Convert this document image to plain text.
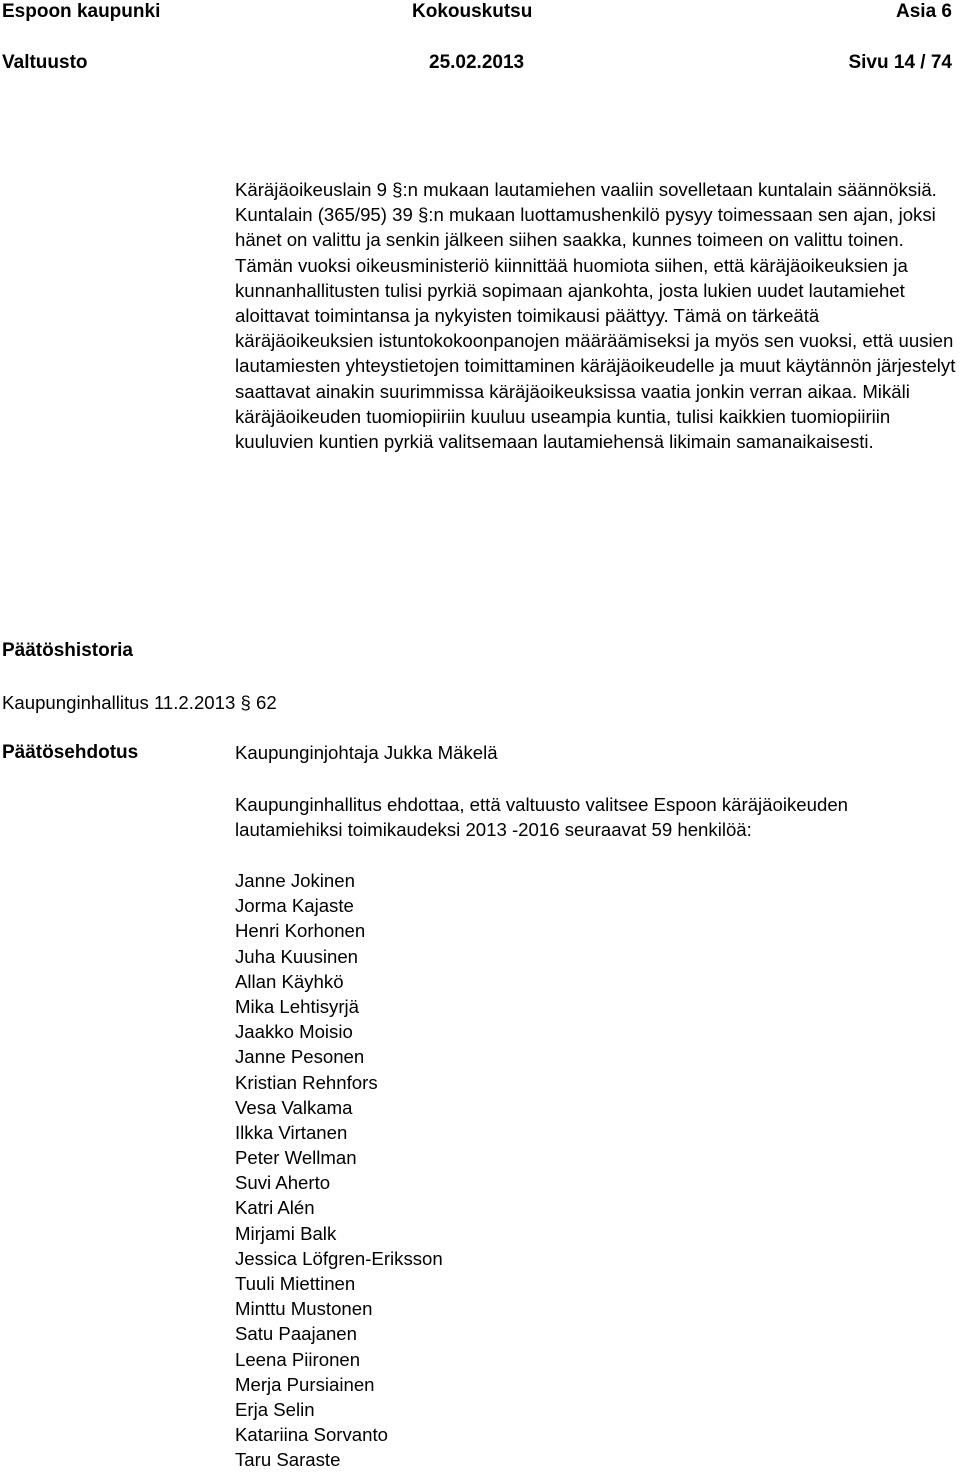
Espoon kaupunki	Kokouskutsu	Asia 6
Valtuusto	25.02.2013	Sivu 14 / 74

Käräjäoikeuslain 9 §:n mukaan lautamiehen vaaliin sovelletaan kuntalain säännöksiä. Kuntalain (365/95) 39 §:n mukaan luottamushenkilö pysyy toimessaan sen ajan, joksi hänet on valittu ja senkin jälkeen siihen saakka, kunnes toimeen on valittu toinen. Tämän vuoksi oikeusministeriö kiinnittää huomiota siihen, että käräjäoikeuksien ja kunnanhallitusten tulisi pyrkiä sopimaan ajankohta, josta lukien uudet lautamiehet aloittavat toimintansa ja nykyisten toimikausi päättyy. Tämä on tärkeätä käräjäoikeuksien istuntokokoonpanojen määräämiseksi ja myös sen vuoksi, että uusien lautamiesten yhteystietojen toimittaminen käräjäoikeudelle ja muut käytännön järjestelyt saattavat ainakin suurimmissa käräjäoikeuksissa vaatia jonkin verran aikaa. Mikäli käräjäoikeuden tuomiopiiriin kuuluu useampia kuntia, tulisi kaikkien tuomiopiiriin kuuluvien kuntien pyrkiä valitsemaan lautamiehensä likimain samanaikaisesti.

Päätöshistoria
Kaupunginhallitus 11.2.2013 § 62
Päätösehdotus	Kaupunginjohtaja Jukka Mäkelä

Kaupunginhallitus ehdottaa, että valtuusto valitsee Espoon käräjäoikeuden lautamiehiksi toimikaudeksi 2013 -2016 seuraavat 59 henkilöä:

Janne Jokinen
Jorma Kajaste
Henri Korhonen
Juha Kuusinen
Allan Käyhkö
Mika Lehtisyrjä
Jaakko Moisio
Janne Pesonen
Kristian Rehnfors
Vesa Valkama
Ilkka Virtanen
Peter Wellman
Suvi Aherto
Katri Alén
Mirjami Balk
Jessica Löfgren-Eriksson
Tuuli Miettinen
Minttu Mustonen
Satu Paajanen
Leena Piironen
Merja Pursiainen
Erja Selin
Katariina Sorvanto
Taru Saraste
